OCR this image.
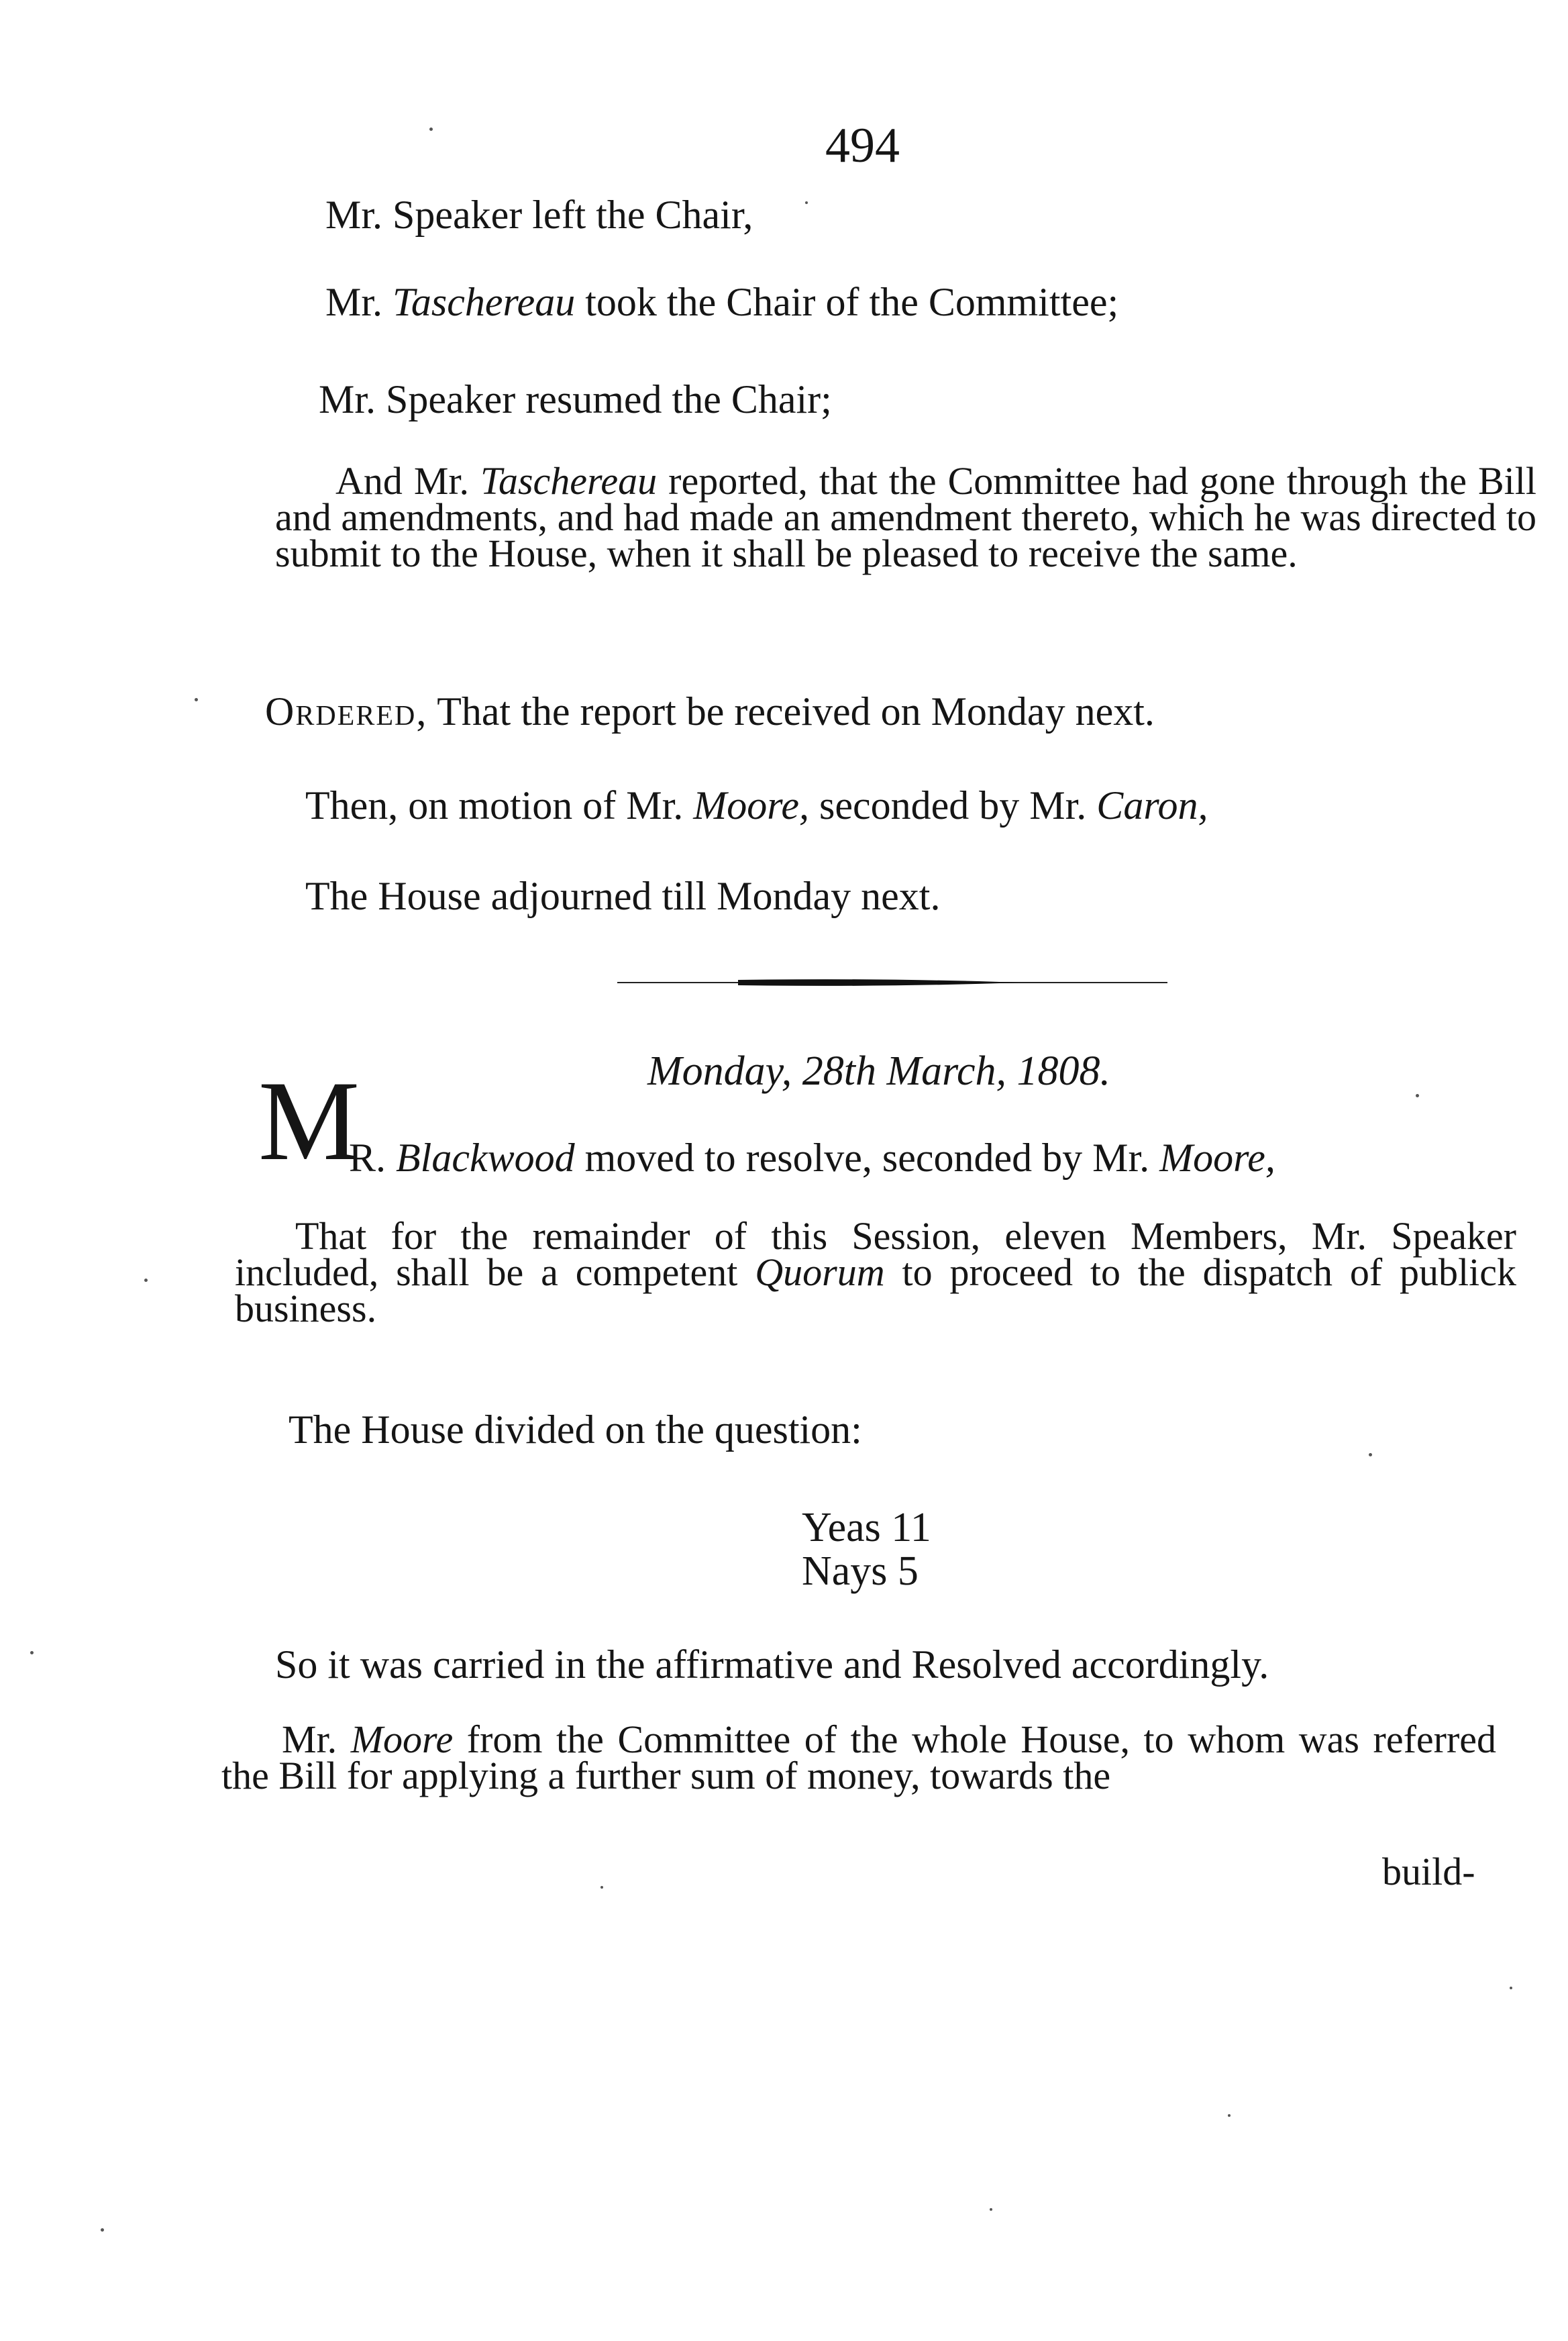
494
Mr. Speaker left the Chair,
Mr. Taschereau took the Chair of the Committee;
Mr. Speaker resumed the Chair;
And Mr. Taschereau reported, that the Committee had gone through the Bill and amendments, and had made an amendment thereto, which he was directed to submit to the House, when it shall be pleased to receive the same.
Ordered, That the report be received on Monday next.
Then, on motion of Mr. Moore, seconded by Mr. Caron,
The House adjourned till Monday next.
Monday, 28th March, 1808.
M
R. Blackwood moved to resolve, seconded by Mr. Moore,
That for the remainder of this Session, eleven Members, Mr. Speaker included, shall be a competent Quorum to proceed to the dispatch of publick business.
The House divided on the question:
Yeas 11
Nays 5
So it was carried in the affirmative and Resolved accordingly.
Mr. Moore from the Committee of the whole House, to whom was referred the Bill for applying a further sum of money, towards the
build-
